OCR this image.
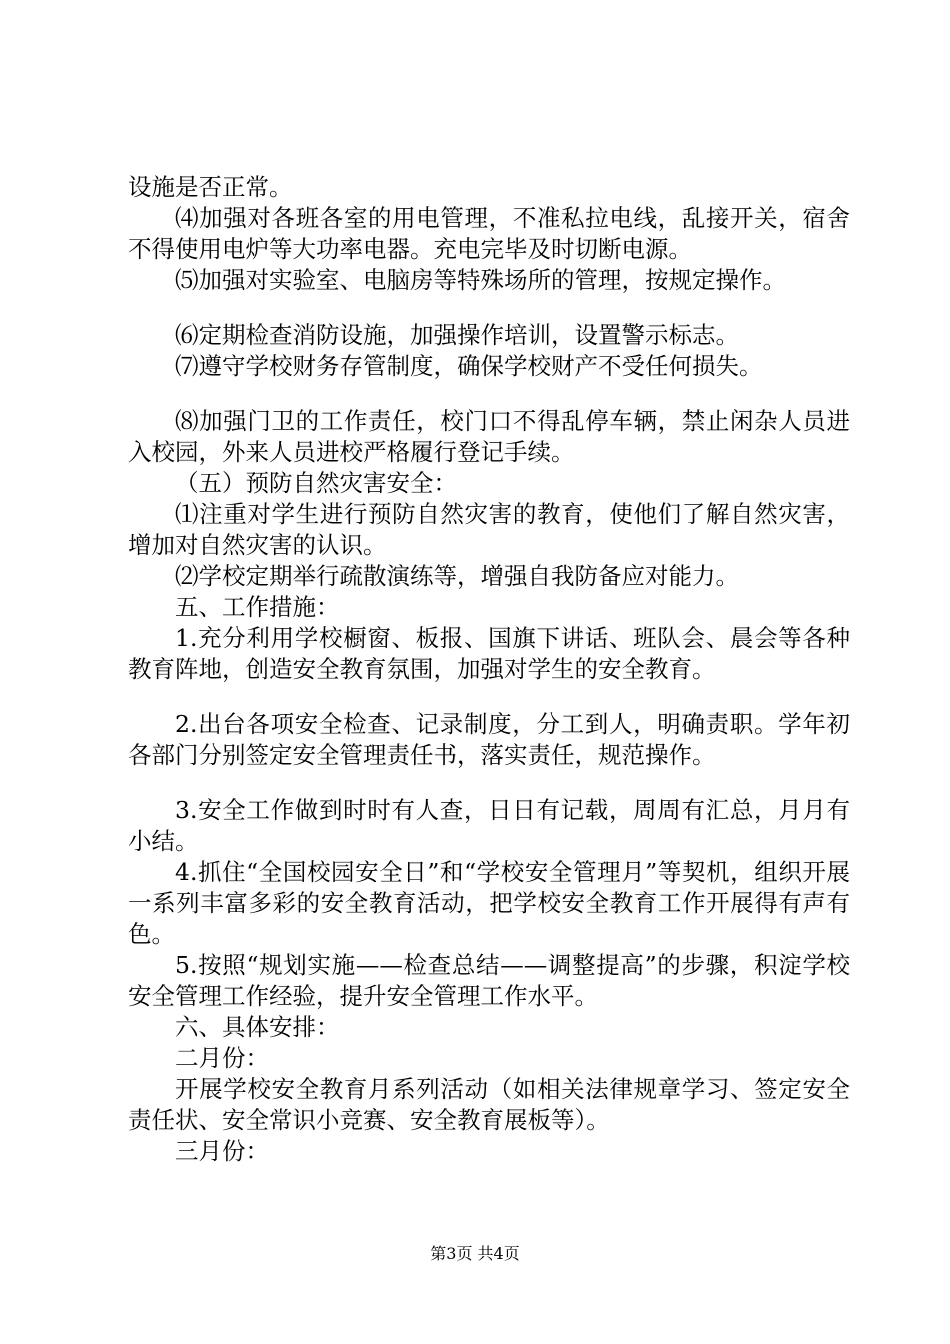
设施是否正常。

⑷加强对各班各室的用电管理，不准私拉电线，乱接开关，宿舍不得使用电炉等大功率电器。充电完毕及时切断电源。

⑸加强对实验室、电脑房等特殊场所的管理，按规定操作。

⑹定期检查消防设施，加强操作培训，设置警示标志。

⑺遵守学校财务存管制度，确保学校财产不受任何损失。

⑻加强门卫的工作责任，校门口不得乱停车辆，禁止闲杂人员进入校园，外来人员进校严格履行登记手续。

（五）预防自然灾害安全：

⑴注重对学生进行预防自然灾害的教育，使他们了解自然灾害，增加对自然灾害的认识。

⑵学校定期举行疏散演练等，增强自我防备应对能力。

五、工作措施：

1.充分利用学校橱窗、板报、国旗下讲话、班队会、晨会等各种教育阵地，创造安全教育氛围，加强对学生的安全教育。

2.出台各项安全检查、记录制度，分工到人，明确责职。学年初各部门分别签定安全管理责任书，落实责任，规范操作。

3.安全工作做到时时有人查，日日有记载，周周有汇总，月月有小结。

4.抓住“全国校园安全日”和“学校安全管理月”等契机，组织开展一系列丰富多彩的安全教育活动，把学校安全教育工作开展得有声有色。

5.按照“规划实施——检查总结——调整提高”的步骤，积淀学校安全管理工作经验，提升安全管理工作水平。

六、具体安排：

二月份：

开展学校安全教育月系列活动（如相关法律规章学习、签定安全责任状、安全常识小竞赛、安全教育展板等）。

三月份：

第3页 共4页
